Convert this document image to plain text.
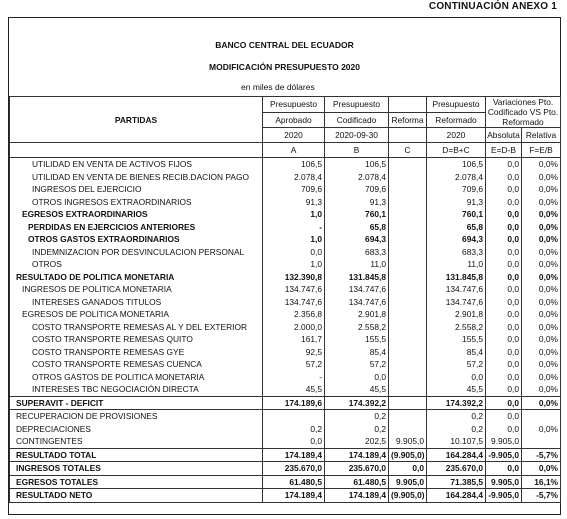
CONTINUACIÓN ANEXO 1
BANCO CENTRAL DEL ECUADOR
MODIFICACIÓN PRESUPUESTO 2020
en miles de dólares
PARTIDAS	Presupuesto	Presupuesto		Presupuesto	Variaciones Pto. Codificado VS Pto. Reformado	
	Aprobado	Codificado	Reforma	Reformado		
	2020	2020-09-30		2020	Absoluta	Relativa
	A	B	C	D=B+C	E=D-B	F=E/B
UTILIDAD EN VENTA DE ACTIVOS FIJOS	106,5	106,5		106,5	0,0	0,0%
UTILIDAD EN VENTA DE BIENES RECIB.DACION PAGO	2.078,4	2.078,4		2.078,4	0,0	0,0%
INGRESOS DEL EJERCICIO	709,6	709,6		709,6	0,0	0,0%
OTROS INGRESOS EXTRAORDINARIOS	91,3	91,3		91,3	0,0	0,0%
EGRESOS EXTRAORDINARIOS	1,0	760,1		760,1	0,0	0,0%
PERDIDAS EN EJERCICIOS ANTERIORES	-	65,8		65,8	0,0	0,0%
OTROS GASTOS EXTRAORDINARIOS	1,0	694,3		694,3	0,0	0,0%
INDEMNIZACION POR DESVINCULACION PERSONAL	0,0	683,3		683,3	0,0	0,0%
OTROS	1,0	11,0		11,0	0,0	0,0%
RESULTADO DE POLITICA MONETARIA	132.390,8	131.845,8		131.845,8	0,0	0,0%
INGRESOS DE POLITICA MONETARIA	134.747,6	134.747,6		134.747,6	0,0	0,0%
INTERESES GANADOS TITULOS	134.747,6	134.747,6		134.747,6	0,0	0,0%
EGRESOS DE POLITICA MONETARIA	2.356,8	2.901,8		2.901,8	0,0	0,0%
COSTO TRANSPORTE REMESAS AL Y DEL EXTERIOR	2.000,0	2.558,2		2.558,2	0,0	0,0%
COSTO TRANSPORTE REMESAS QUITO	161,7	155,5		155,5	0,0	0,0%
COSTO TRANSPORTE REMESAS GYE	92,5	85,4		85,4	0,0	0,0%
COSTO TRANSPORTE REMESAS CUENCA	57,2	57,2		57,2	0,0	0,0%
OTROS GASTOS DE POLITICA MONETARIA	-	0,0		0,0	0,0	0,0%
INTERESES TBC NEGOCIACIÓN DIRECTA	45,5	45,5		45,5	0,0	0,0%
SUPERAVIT - DEFICIT	174.189,6	174.392,2		174.392,2	0,0	0,0%
RECUPERACION DE PROVISIONES		0,2		0,2	0,0	
DEPRECIACIONES	0,2	0,2		0,2	0,0	0,0%
CONTINGENTES	0,0	202,5	9.905,0	10.107,5	9.905,0	
RESULTADO TOTAL	174.189,4	174.189,4	(9.905,0)	164.284,4	-9.905,0	-5,7%
INGRESOS TOTALES	235.670,0	235.670,0	0,0	235.670,0	0,0	0,0%
EGRESOS TOTALES	61.480,5	61.480,5	9.905,0	71.385,5	9.905,0	16,1%
RESULTADO NETO	174.189,4	174.189,4	(9.905,0)	164.284,4	-9.905,0	-5,7%
